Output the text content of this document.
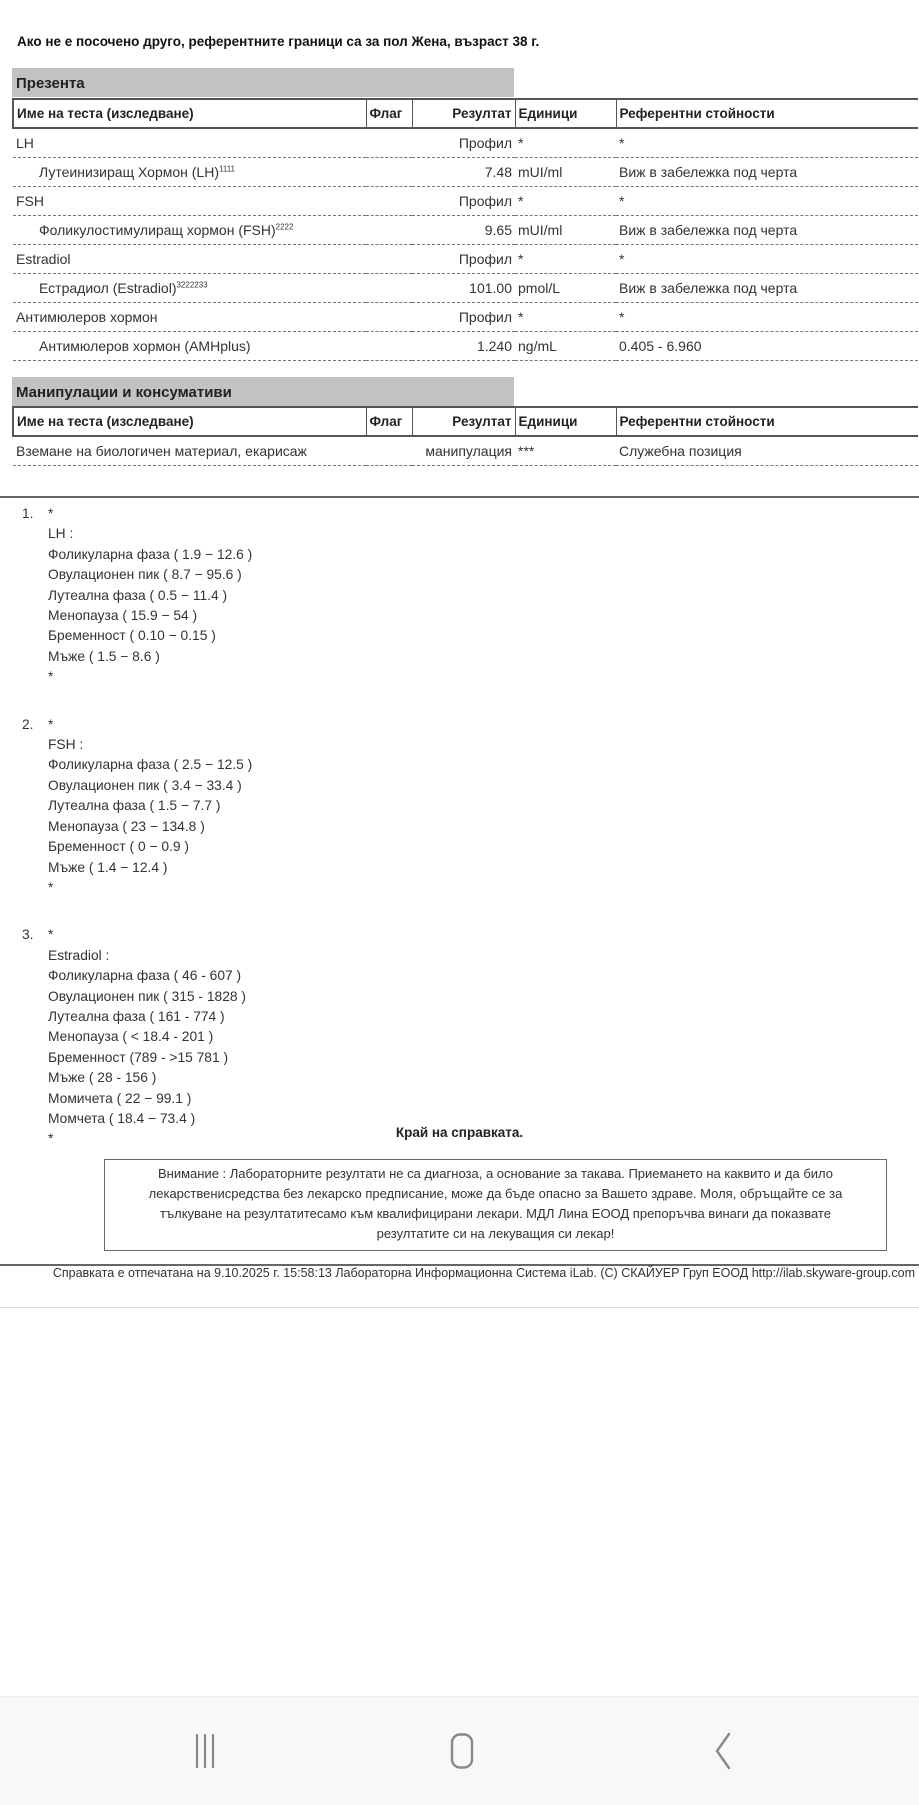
Ако не е посочено друго, референтните граници са за пол Жена, възраст 38 г.
Презента
Име на теста (изследване)	Флаг	Резултат	Единици	Референтни стойности
LH		Профил	*	*
Лутеинизиращ Хормон (LH)$^{1111}$		7.48	mUI/ml	Виж в забележка под черта
FSH		Профил	*	*
Фоликулостимулиращ хормон (FSH)$^{2222}$		9.65	mUI/ml	Виж в забележка под черта
Estradiol		Профил	*	*
Естрадиол (Estradiol)$^{3222233}$		101.00	pmol/L	Виж в забележка под черта
Антимюлеров хормон		Профил	*	*
Антимюлеров хормон (AMHplus)		1.240	ng/mL	0.405 - 6.960
Манипулации и консумативи
Име на теста (изследване)	Флаг	Резултат	Единици	Референтни стойности
Вземане на биологичен материал, екарисаж		манипулация	***	Служебна позиция
1.	*
LH :
Фоликуларна фаза ( 1.9 − 12.6 )
Овулационен пик ( 8.7 − 95.6 )
Лутеална фаза ( 0.5 − 11.4 )
Менопауза ( 15.9 − 54 )
Бременност ( 0.10 − 0.15 )
Мъже ( 1.5 − 8.6 )
*
2.	*
FSH :
Фоликуларна фаза ( 2.5 − 12.5 )
Овулационен пик ( 3.4 − 33.4 )
Лутеална фаза ( 1.5 − 7.7 )
Менопауза ( 23 − 134.8 )
Бременност ( 0 − 0.9 )
Мъже ( 1.4 − 12.4 )
*
3.	*
Estradiol :
Фоликуларна фаза ( 46 - 607 )
Овулационен пик ( 315 - 1828 )
Лутеална фаза ( 161 - 774 )
Менопауза ( < 18.4 - 201 )
Бременност (789 - >15 781 )
Мъже ( 28 - 156 )
Момичета ( 22 − 99.1 )
Момчета ( 18.4 − 73.4 )
*	Край на справката.
Внимание : Лабораторните резултати не са диагноза, а основание за такава. Приемането на каквито и да било лекарственисредства без лекарско предписание, може да бъде опасно за Вашето здраве. Моля, обръщайте се за тълкуване на резултатитесамо към квалифицирани лекари. МДЛ Лина ЕООД препоръчва винаги да показвате резултатите си на лекуващия си лекар!
Справката е отпечатана на 9.10.2025 г. 15:58:13 Лабораторна Информационна Система iLab. (C) СКАЙУЕР Груп ЕООД http://ilab.skyware-group.com
